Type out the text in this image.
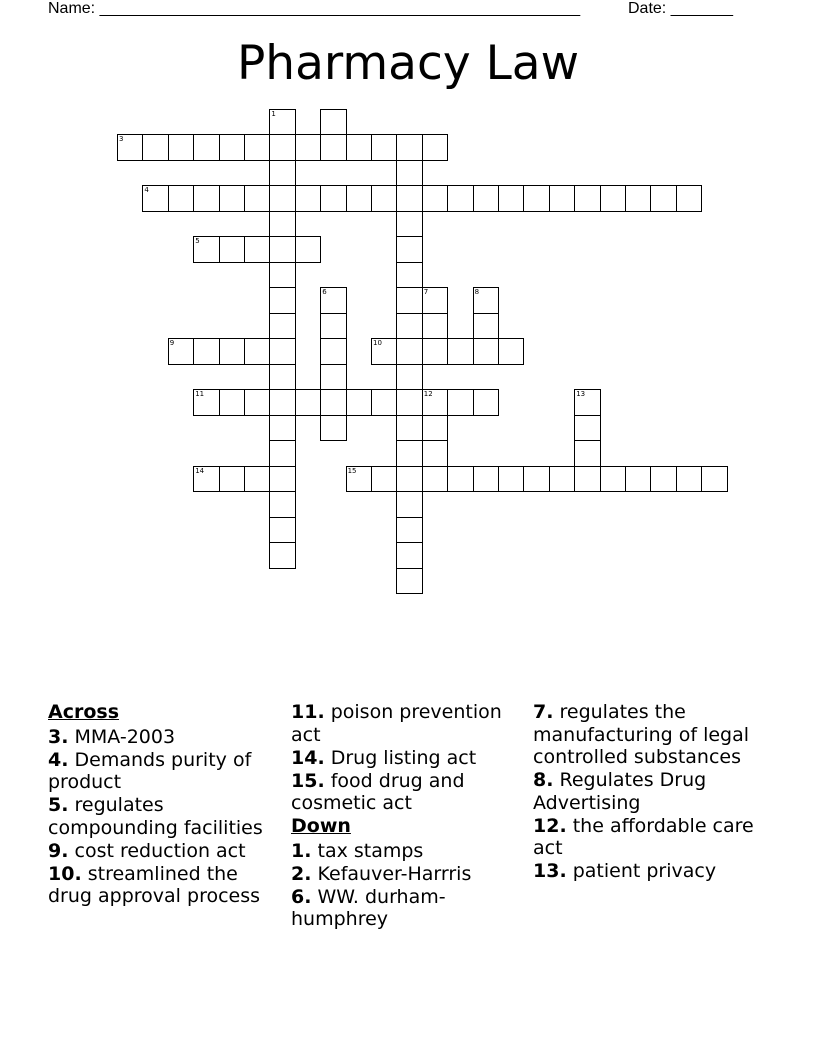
Name: ______________________________________________________	Date: _______
Pharmacy Law
1
3
4
5
6	7	8
9	10
11	12	13
14	15
Across
3. MMA-2003
4. Demands purity of product
5. regulates compounding facilities
9. cost reduction act
10. streamlined the drug approval process
11. poison prevention act
14. Drug listing act
15. food drug and cosmetic act
Down
1. tax stamps
2. Kefauver-Harrris
6. WW. durham-humphrey
7. regulates the manufacturing of legal controlled substances
8. Regulates Drug Advertising
12. the affordable care act
13. patient privacy
